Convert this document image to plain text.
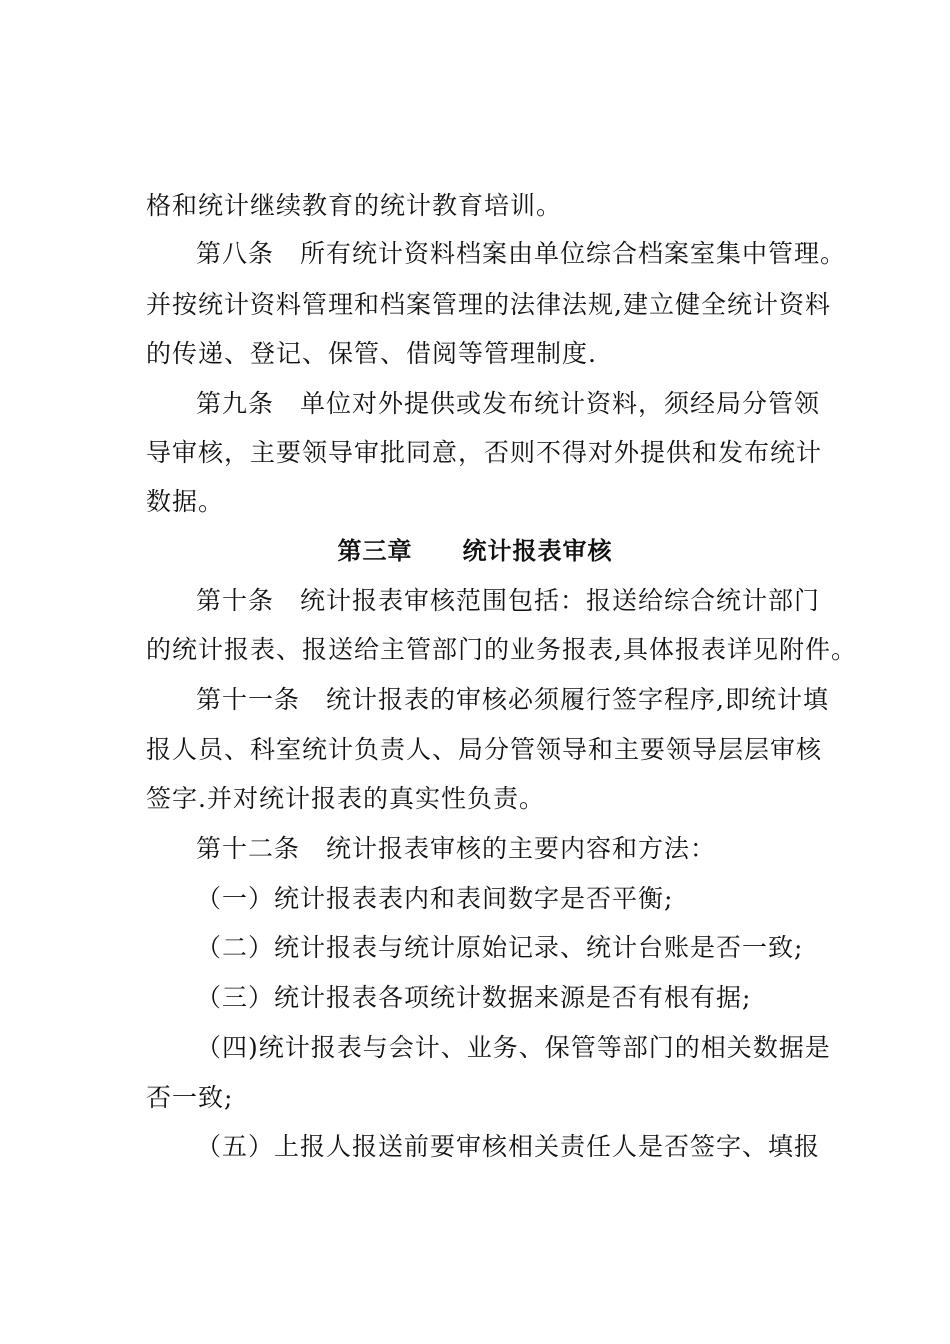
格和统计继续教育的统计教育培训。
第八条　所有统计资料档案由单位综合档案室集中管理。
并按统计资料管理和档案管理的法律法规,建立健全统计资料
的传递、登记、保管、借阅等管理制度.
第九条　单位对外提供或发布统计资料，须经局分管领
导审核，主要领导审批同意，否则不得对外提供和发布统计
数据。
第三章　　统计报表审核
第十条　统计报表审核范围包括：报送给综合统计部门
的统计报表、报送给主管部门的业务报表,具体报表详见附件。
第十一条　统计报表的审核必须履行签字程序,即统计填
报人员、科室统计负责人、局分管领导和主要领导层层审核
签字.并对统计报表的真实性负责。
第十二条　统计报表审核的主要内容和方法：
（一）统计报表表内和表间数字是否平衡;
（二）统计报表与统计原始记录、统计台账是否一致;
（三）统计报表各项统计数据来源是否有根有据;
（四)统计报表与会计、业务、保管等部门的相关数据是
否一致;
（五）上报人报送前要审核相关责任人是否签字、填报
